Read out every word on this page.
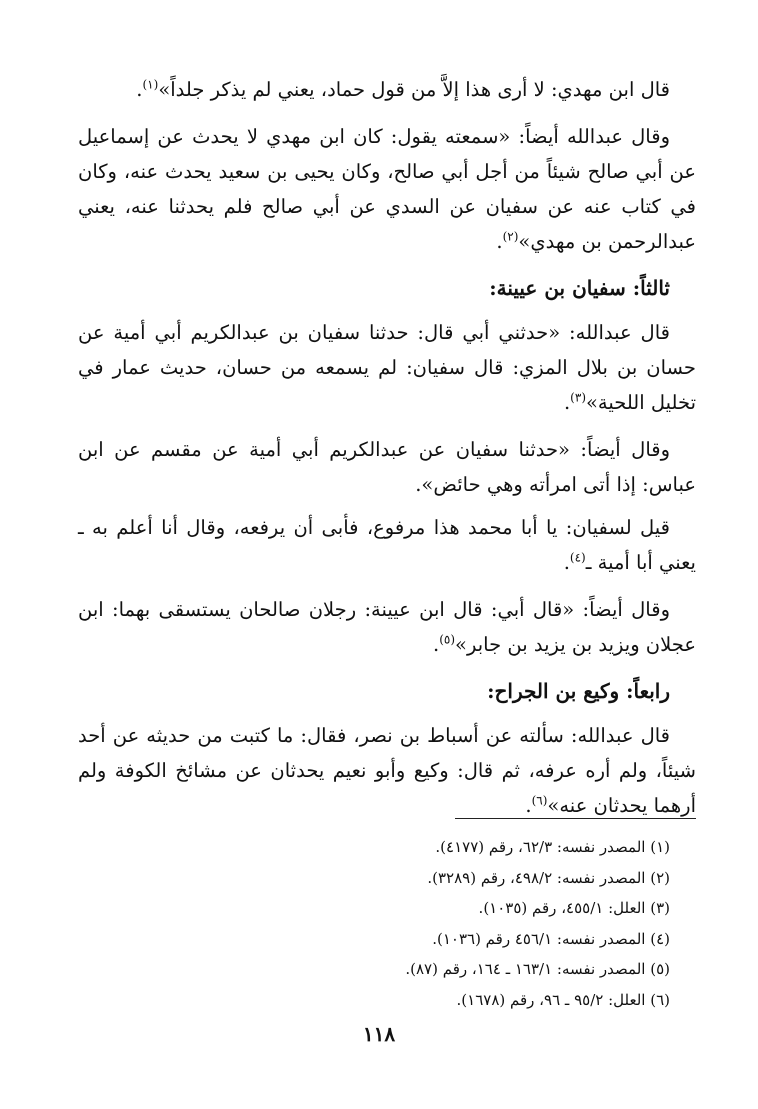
قال ابن مهدي: لا أرى هذا إلاَّ من قول حماد، يعني لم يذكر جلداً»$^{(١)}$.

وقال عبدالله أيضاً: «سمعته يقول: كان ابن مهدي لا يحدث عن إسماعيل عن أبي صالح شيئاً من أجل أبي صالح، وكان يحيى بن سعيد يحدث عنه، وكان في كتاب عنه عن سفيان عن السدي عن أبي صالح فلم يحدثنا عنه، يعني عبدالرحمن بن مهدي»$^{(٢)}$.

ثالثاً: سفيان بن عيينة:

قال عبدالله: «حدثني أبي قال: حدثنا سفيان بن عبدالكريم أبي أمية عن حسان بن بلال المزي: قال سفيان: لم يسمعه من حسان، حديث عمار في تخليل اللحية»$^{(٣)}$.

وقال أيضاً: «حدثنا سفيان عن عبدالكريم أبي أمية عن مقسم عن ابن عباس: إذا أتى امرأته وهي حائض».

قيل لسفيان: يا أبا محمد هذا مرفوع، فأبى أن يرفعه، وقال أنا أعلم به ـ يعني أبا أمية ـ$^{(٤)}$.

وقال أيضاً: «قال أبي: قال ابن عيينة: رجلان صالحان يستسقى بهما: ابن عجلان ويزيد بن يزيد بن جابر»$^{(٥)}$.

رابعاً: وكيع بن الجراح:

قال عبدالله: سألته عن أسباط بن نصر، فقال: ما كتبت من حديثه عن أحد شيئاً، ولم أره عرفه، ثم قال: وكيع وأبو نعيم يحدثان عن مشائخ الكوفة ولم أرهما يحدثان عنه»$^{(٦)}$.

(١) المصدر نفسه: ٦٢/٣، رقم (٤١٧٧).
(٢) المصدر نفسه: ٤٩٨/٢، رقم (٣٢٨٩).
(٣) العلل: ٤٥٥/١، رقم (١٠٣٥).
(٤) المصدر نفسه: ٤٥٦/١ رقم (١٠٣٦).
(٥) المصدر نفسه: ١٦٣/١ ـ ١٦٤، رقم (٨٧).
(٦) العلل: ٩٥/٢ ـ ٩٦، رقم (١٦٧٨).
١١٨
